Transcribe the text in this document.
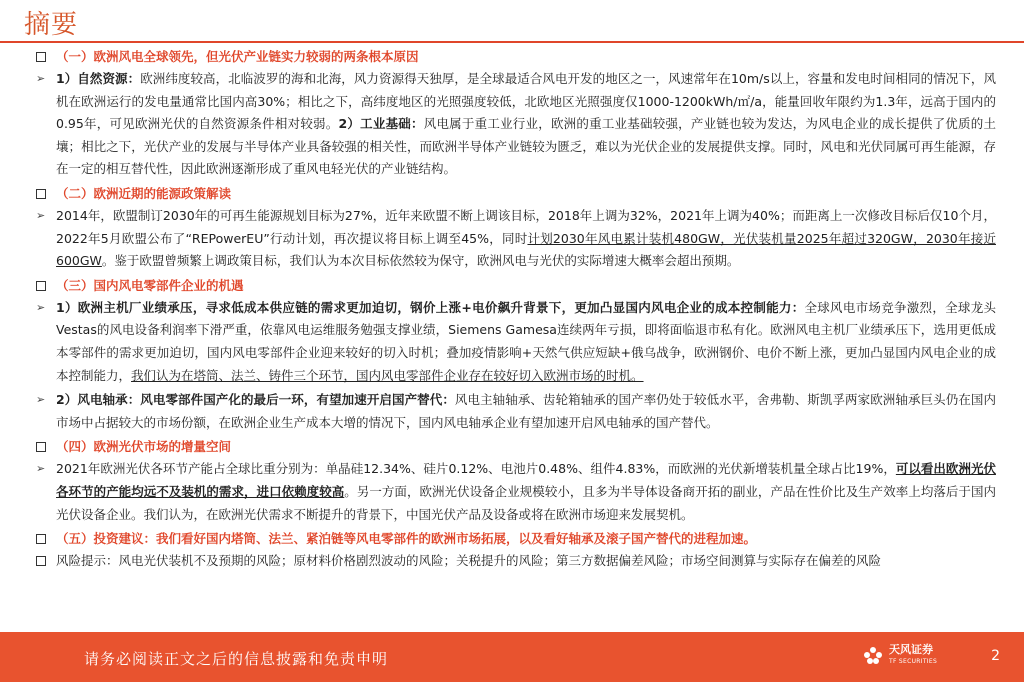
摘要
（一）欧洲风电全球领先，但光伏产业链实力较弱的两条根本原因
➢ 1）自然资源：欧洲纬度较高，北临波罗的海和北海，风力资源得天独厚，是全球最适合风电开发的地区之一，风速常年在10m/s以上，容量和发电时间相同的情况下，风机在欧洲运行的发电量通常比国内高30%；相比之下，高纬度地区的光照强度较低，北欧地区光照强度仅1000-1200kWh/㎡/a，能量回收年限约为1.3年，远高于国内的0.95年，可见欧洲光伏的自然资源条件相对较弱。2）工业基础：风电属于重工业行业，欧洲的重工业基础较强，产业链也较为发达，为风电企业的成长提供了优质的土壤；相比之下，光伏产业的发展与半导体产业具备较强的相关性，而欧洲半导体产业链较为匮乏，难以为光伏企业的发展提供支撑。同时，风电和光伏同属可再生能源，存在一定的相互替代性，因此欧洲逐渐形成了重风电轻光伏的产业链结构。
（二）欧洲近期的能源政策解读
➢ 2014年，欧盟制订2030年的可再生能源规划目标为27%，近年来欧盟不断上调该目标，2018年上调为32%，2021年上调为40%；而距离上一次修改目标后仅10个月，2022年5月欧盟公布了“REPowerEU”行动计划，再次提议将目标上调至45%，同时计划2030年风电累计装机480GW，光伏装机量2025年超过320GW，2030年接近600GW。鉴于欧盟曾频繁上调政策目标，我们认为本次目标依然较为保守，欧洲风电与光伏的实际增速大概率会超出预期。
（三）国内风电零部件企业的机遇
➢ 1）欧洲主机厂业绩承压，寻求低成本供应链的需求更加迫切，钢价上涨+电价飙升背景下，更加凸显国内风电企业的成本控制能力：全球风电市场竞争激烈，全球龙头Vestas的风电设备利润率下滑严重，依靠风电运维服务勉强支撑业绩，Siemens Gamesa连续两年亏损，即将面临退市私有化。欧洲风电主机厂业绩承压下，选用更低成本零部件的需求更加迫切，国内风电零部件企业迎来较好的切入时机；叠加疫情影响+天然气供应短缺+俄乌战争，欧洲钢价、电价不断上涨，更加凸显国内风电企业的成本控制能力，我们认为在塔筒、法兰、铸件三个环节，国内风电零部件企业存在较好切入欧洲市场的时机。
➢ 2）风电轴承：风电零部件国产化的最后一环，有望加速开启国产替代：风电主轴轴承、齿轮箱轴承的国产率仍处于较低水平，舍弗勒、斯凯孚两家欧洲轴承巨头仍在国内市场中占据较大的市场份额，在欧洲企业生产成本大增的情况下，国内风电轴承企业有望加速开启风电轴承的国产替代。
（四）欧洲光伏市场的增量空间
➢ 2021年欧洲光伏各环节产能占全球比重分别为：单晶硅12.34%、硅片0.12%、电池片0.48%、组件4.83%，而欧洲的光伏新增装机量全球占比19%，可以看出欧洲光伏各环节的产能均远不及装机的需求，进口依赖度较高。另一方面，欧洲光伏设备企业规模较小，且多为半导体设备商开拓的副业，产品在性价比及生产效率上均落后于国内光伏设备企业。我们认为，在欧洲光伏需求不断提升的背景下，中国光伏产品及设备或将在欧洲市场迎来发展契机。
（五）投资建议：我们看好国内塔筒、法兰、紧泊链等风电零部件的欧洲市场拓展，以及看好轴承及滚子国产替代的进程加速。
风险提示：风电光伏装机不及预期的风险；原材料价格剧烈波动的风险；关税提升的风险；第三方数据偏差风险；市场空间测算与实际存在偏差的风险
请务必阅读正文之后的信息披露和免责申明
天风证券
TF SECURITIES	2
